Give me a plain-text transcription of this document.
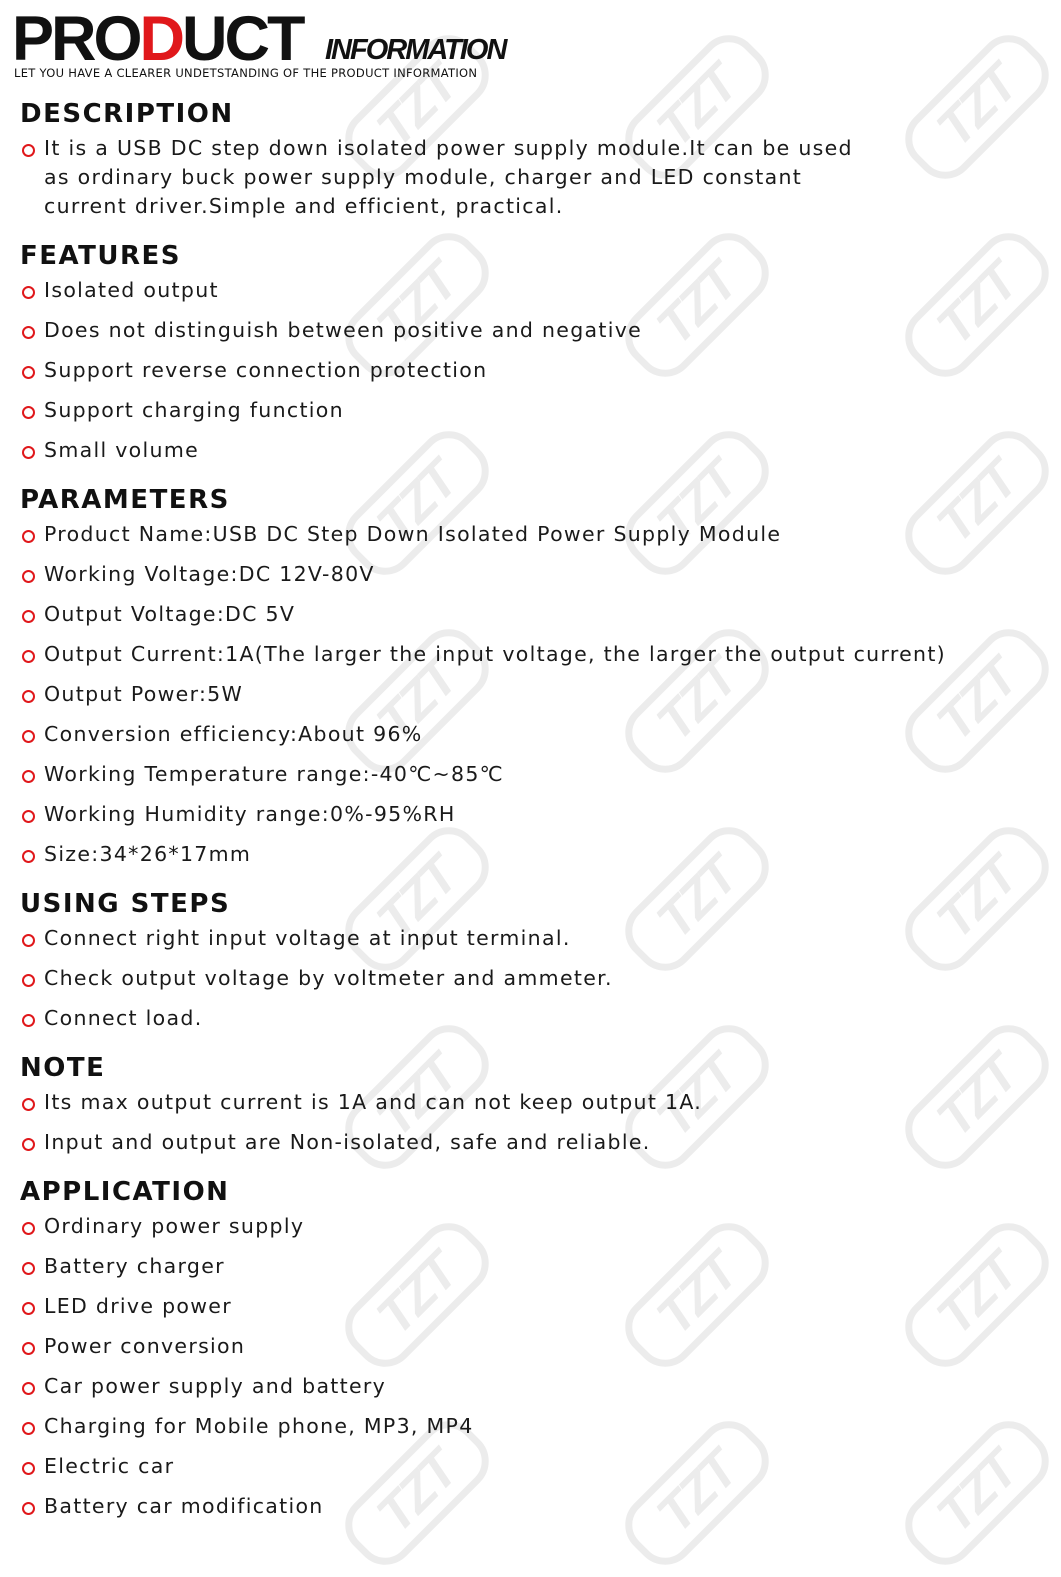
TZT	TZT	TZT
TZT	TZT	TZT
TZT	TZT	TZT
TZT	TZT	TZT
TZT	TZT	TZT
TZT	TZT	TZT
TZT	TZT	TZT
TZT	TZT	TZT
PRODUCT INFORMATION
LET YOU HAVE A CLEARER UNDETSTANDING OF THE PRODUCT INFORMATION
DESCRIPTION
It is a USB DC step down isolated power supply module.It can be used as ordinary buck power supply module, charger and LED constant current driver.Simple and efficient, practical.
FEATURES
Isolated output
Does not distinguish between positive and negative
Support reverse connection protection
Support charging function
Small volume
PARAMETERS
Product Name:USB DC Step Down Isolated Power Supply Module
Working Voltage:DC 12V-80V
Output Voltage:DC 5V
Output Current:1A(The larger the input voltage, the larger the output current)
Output Power:5W
Conversion efficiency:About 96%
Working Temperature range:-40℃~85℃
Working Humidity range:0%-95%RH
Size:34*26*17mm
USING STEPS
Connect right input voltage at input terminal.
Check output voltage by voltmeter and ammeter.
Connect load.
NOTE
Its max output current is 1A and can not keep output 1A.
Input and output are Non-isolated, safe and reliable.
APPLICATION
Ordinary power supply
Battery charger
LED drive power
Power conversion
Car power supply and battery
Charging for Mobile phone, MP3, MP4
Electric car
Battery car modification
